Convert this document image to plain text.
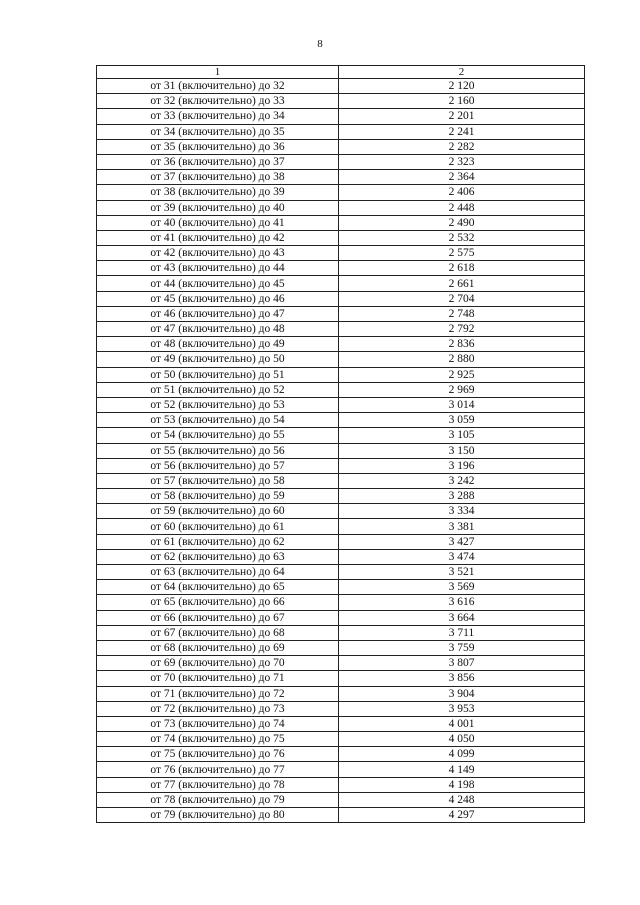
8
1	2
от 31 (включительно) до 32	2 120
от 32 (включительно) до 33	2 160
от 33 (включительно) до 34	2 201
от 34 (включительно) до 35	2 241
от 35 (включительно) до 36	2 282
от 36 (включительно) до 37	2 323
от 37 (включительно) до 38	2 364
от 38 (включительно) до 39	2 406
от 39 (включительно) до 40	2 448
от 40 (включительно) до 41	2 490
от 41 (включительно) до 42	2 532
от 42 (включительно) до 43	2 575
от 43 (включительно) до 44	2 618
от 44 (включительно) до 45	2 661
от 45 (включительно) до 46	2 704
от 46 (включительно) до 47	2 748
от 47 (включительно) до 48	2 792
от 48 (включительно) до 49	2 836
от 49 (включительно) до 50	2 880
от 50 (включительно) до 51	2 925
от 51 (включительно) до 52	2 969
от 52 (включительно) до 53	3 014
от 53 (включительно) до 54	3 059
от 54 (включительно) до 55	3 105
от 55 (включительно) до 56	3 150
от 56 (включительно) до 57	3 196
от 57 (включительно) до 58	3 242
от 58 (включительно) до 59	3 288
от 59 (включительно) до 60	3 334
от 60 (включительно) до 61	3 381
от 61 (включительно) до 62	3 427
от 62 (включительно) до 63	3 474
от 63 (включительно) до 64	3 521
от 64 (включительно) до 65	3 569
от 65 (включительно) до 66	3 616
от 66 (включительно) до 67	3 664
от 67 (включительно) до 68	3 711
от 68 (включительно) до 69	3 759
от 69 (включительно) до 70	3 807
от 70 (включительно) до 71	3 856
от 71 (включительно) до 72	3 904
от 72 (включительно) до 73	3 953
от 73 (включительно) до 74	4 001
от 74 (включительно) до 75	4 050
от 75 (включительно) до 76	4 099
от 76 (включительно) до 77	4 149
от 77 (включительно) до 78	4 198
от 78 (включительно) до 79	4 248
от 79 (включительно) до 80	4 297
